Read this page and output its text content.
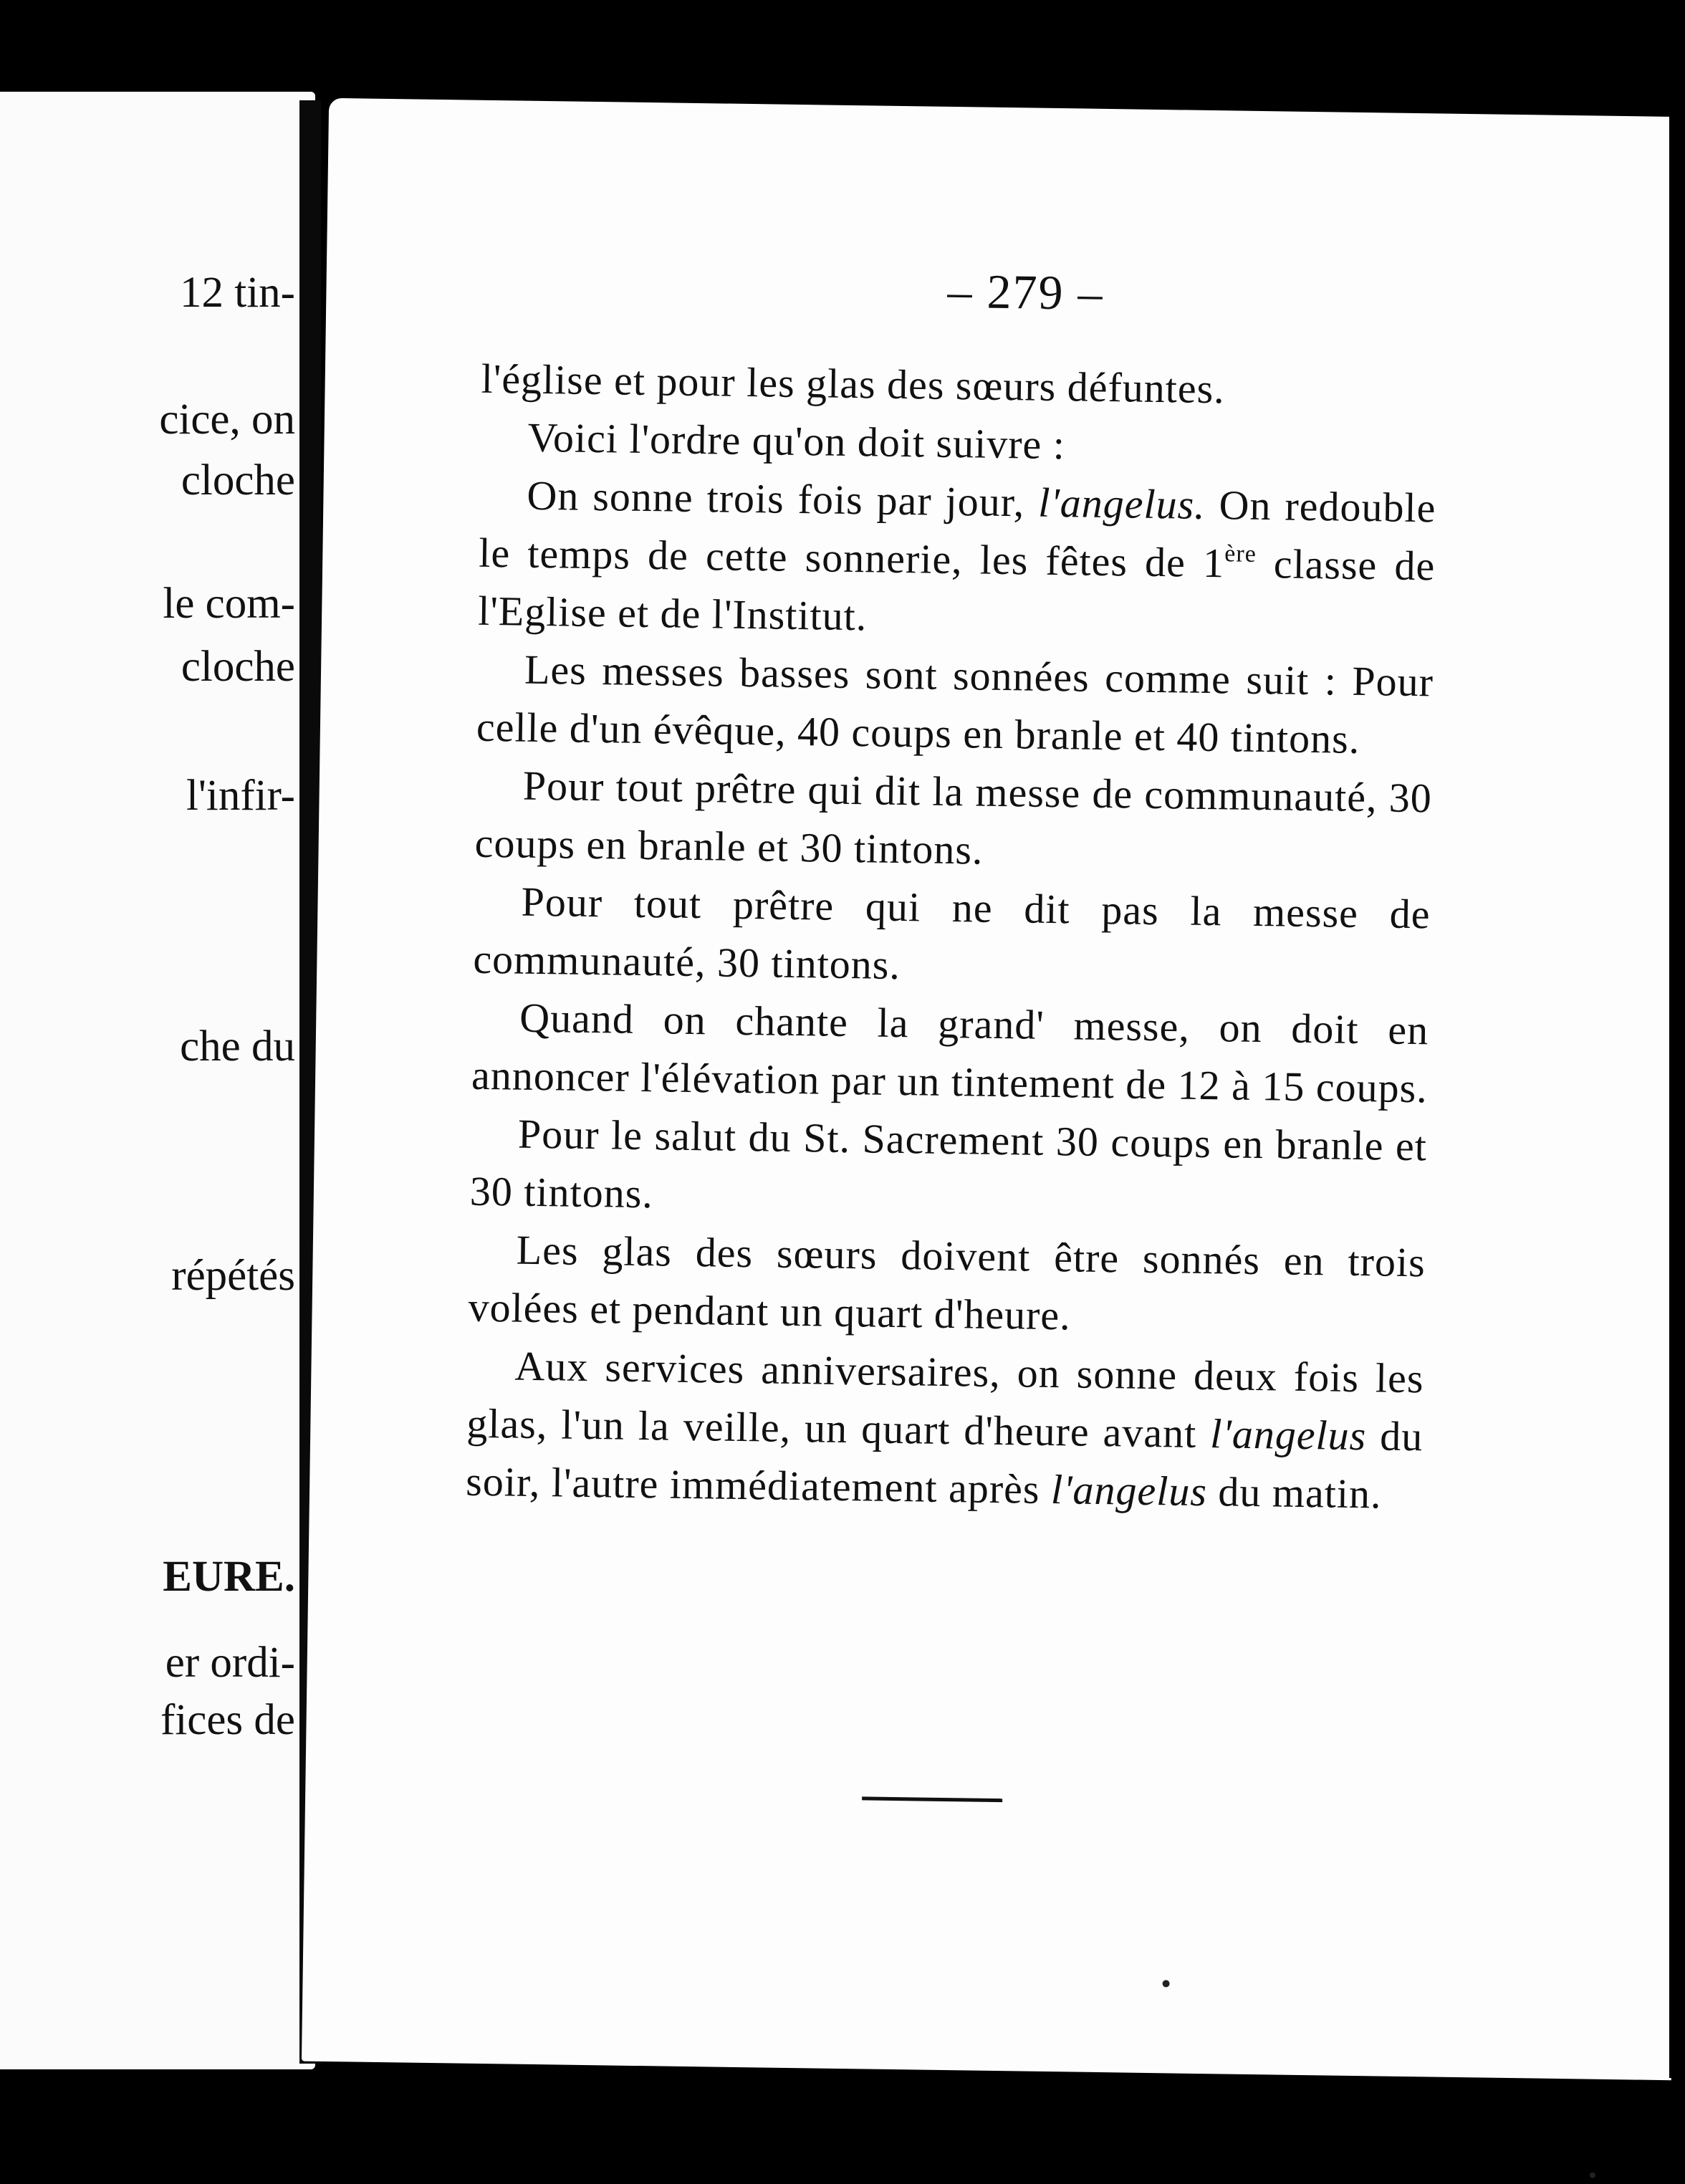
12 tin-
cice, on
cloche
le com-
cloche
l'infir-
che du
répétés
EURE.
er ordi-
fices de
– 279 –

l'église et pour les glas des sœurs défuntes.

Voici l'ordre qu'on doit suivre :

On sonne trois fois par jour, l'angelus. On redouble le temps de cette sonnerie, les fêtes de 1ère classe de l'Eglise et de l'Institut.

Les messes basses sont sonnées comme suit : Pour celle d'un évêque, 40 coups en branle et 40 tintons.

Pour tout prêtre qui dit la messe de communauté, 30 coups en branle et 30 tintons.

Pour tout prêtre qui ne dit pas la messe de communauté, 30 tintons.

Quand on chante la grand' messe, on doit en annoncer l'élévation par un tintement de 12 à 15 coups.

Pour le salut du St. Sacrement 30 coups en branle et 30 tintons.

Les glas des sœurs doivent être sonnés en trois volées et pendant un quart d'heure.

Aux services anniversaires, on sonne deux fois les glas, l'un la veille, un quart d'heure avant l'angelus du soir, l'autre immédiatement après l'angelus du matin.
